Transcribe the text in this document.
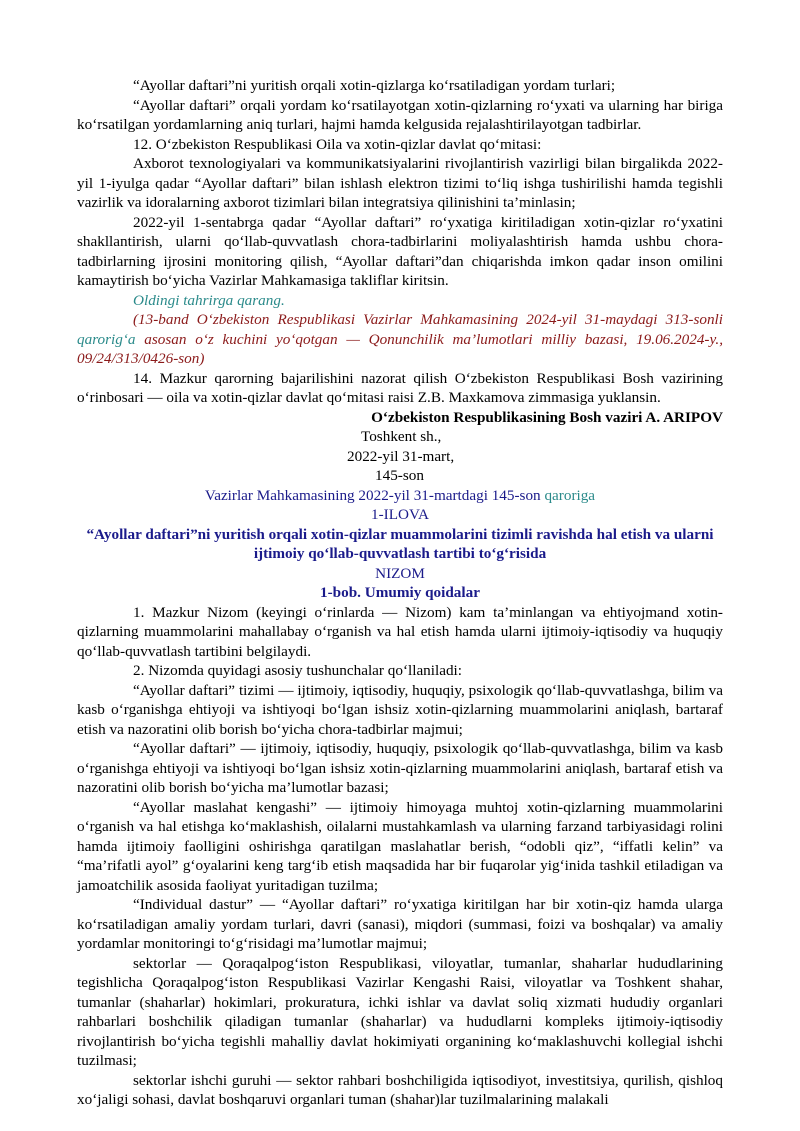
“Ayollar daftari”ni yuritish orqali xotin-qizlarga ko‘rsatiladigan yordam turlari;

“Ayollar daftari” orqali yordam ko‘rsatilayotgan xotin-qizlarning ro‘yxati va ularning har biriga ko‘rsatilgan yordamlarning aniq turlari, hajmi hamda kelgusida rejalashtirilayotgan tadbirlar.

12. O‘zbekiston Respublikasi Oila va xotin-qizlar davlat qo‘mitasi:

Axborot texnologiyalari va kommunikatsiyalarini rivojlantirish vazirligi bilan birgalikda 2022-yil 1-iyulga qadar “Ayollar daftari” bilan ishlash elektron tizimi to‘liq ishga tushirilishi hamda tegishli vazirlik va idoralarning axborot tizimlari bilan integratsiya qilinishini ta’minlasin;

2022-yil 1-sentabrga qadar “Ayollar daftari” ro‘yxatiga kiritiladigan xotin-qizlar ro‘yxatini shakllantirish, ularni qo‘llab-quvvatlash chora-tadbirlarini moliyalashtirish hamda ushbu chora-tadbirlarning ijrosini monitoring qilish, “Ayollar daftari”dan chiqarishda imkon qadar inson omilini kamaytirish bo‘yicha Vazirlar Mahkamasiga takliflar kiritsin.

Oldingi tahrirga qarang.

(13-band O‘zbekiston Respublikasi Vazirlar Mahkamasining 2024-yil 31-maydagi 313-sonli qarorig‘a asosan o‘z kuchini yo‘qotgan — Qonunchilik ma’lumotlari milliy bazasi, 19.06.2024-y., 09/24/313/0426-son)

14. Mazkur qarorning bajarilishini nazorat qilish O‘zbekiston Respublikasi Bosh vazirining o‘rinbosari — oila va xotin-qizlar davlat qo‘mitasi raisi Z.B. Maxkamova zimmasiga yuklansin.

O‘zbekiston Respublikasining Bosh vaziri A. ARIPOV

Toshkent sh.,

2022-yil 31-mart,

145-son

Vazirlar Mahkamasining 2022-yil 31-martdagi 145-son qaroriga

1-ILOVA

“Ayollar daftari”ni yuritish orqali xotin-qizlar muammolarini tizimli ravishda hal etish va ularni ijtimoiy qo‘llab-quvvatlash tartibi to‘g‘risida

NIZOM

1-bob. Umumiy qoidalar

1. Mazkur Nizom (keyingi o‘rinlarda — Nizom) kam ta’minlangan va ehtiyojmand xotin-qizlarning muammolarini mahallabay o‘rganish va hal etish hamda ularni ijtimoiy-iqtisodiy va huquqiy qo‘llab-quvvatlash tartibini belgilaydi.

2. Nizomda quyidagi asosiy tushunchalar qo‘llaniladi:

“Ayollar daftari” tizimi — ijtimoiy, iqtisodiy, huquqiy, psixologik qo‘llab-quvvatlashga, bilim va kasb o‘rganishga ehtiyoji va ishtiyoqi bo‘lgan ishsiz xotin-qizlarning muammolarini aniqlash, bartaraf etish va nazoratini olib borish bo‘yicha chora-tadbirlar majmui;

“Ayollar daftari” — ijtimoiy, iqtisodiy, huquqiy, psixologik qo‘llab-quvvatlashga, bilim va kasb o‘rganishga ehtiyoji va ishtiyoqi bo‘lgan ishsiz xotin-qizlarning muammolarini aniqlash, bartaraf etish va nazoratini olib borish bo‘yicha ma’lumotlar bazasi;

“Ayollar maslahat kengashi” — ijtimoiy himoyaga muhtoj xotin-qizlarning muammolarini o‘rganish va hal etishga ko‘maklashish, oilalarni mustahkamlash va ularning farzand tarbiyasidagi rolini hamda ijtimoiy faolligini oshirishga qaratilgan maslahatlar berish, “odobli qiz”, “iffatli kelin” va “ma’rifatli ayol” g‘oyalarini keng targ‘ib etish maqsadida har bir fuqarolar yig‘inida tashkil etiladigan va jamoatchilik asosida faoliyat yuritadigan tuzilma;

“Individual dastur” — “Ayollar daftari” ro‘yxatiga kiritilgan har bir xotin-qiz hamda ularga ko‘rsatiladigan amaliy yordam turlari, davri (sanasi), miqdori (summasi, foizi va boshqalar) va amaliy yordamlar monitoringi to‘g‘risidagi ma’lumotlar majmui;

sektorlar — Qoraqalpog‘iston Respublikasi, viloyatlar, tumanlar, shaharlar hududlarining tegishlicha Qoraqalpog‘iston Respublikasi Vazirlar Kengashi Raisi, viloyatlar va Toshkent shahar, tumanlar (shaharlar) hokimlari, prokuratura, ichki ishlar va davlat soliq xizmati hududiy organlari rahbarlari boshchilik qiladigan tumanlar (shaharlar) va hududlarni kompleks ijtimoiy-iqtisodiy rivojlantirish bo‘yicha tegishli mahalliy davlat hokimiyati organining ko‘maklashuvchi kollegial ishchi tuzilmasi;

sektorlar ishchi guruhi — sektor rahbari boshchiligida iqtisodiyot, investitsiya, qurilish, qishloq xo‘jaligi sohasi, davlat boshqaruvi organlari tuman (shahar)lar tuzilmalarining malakali
